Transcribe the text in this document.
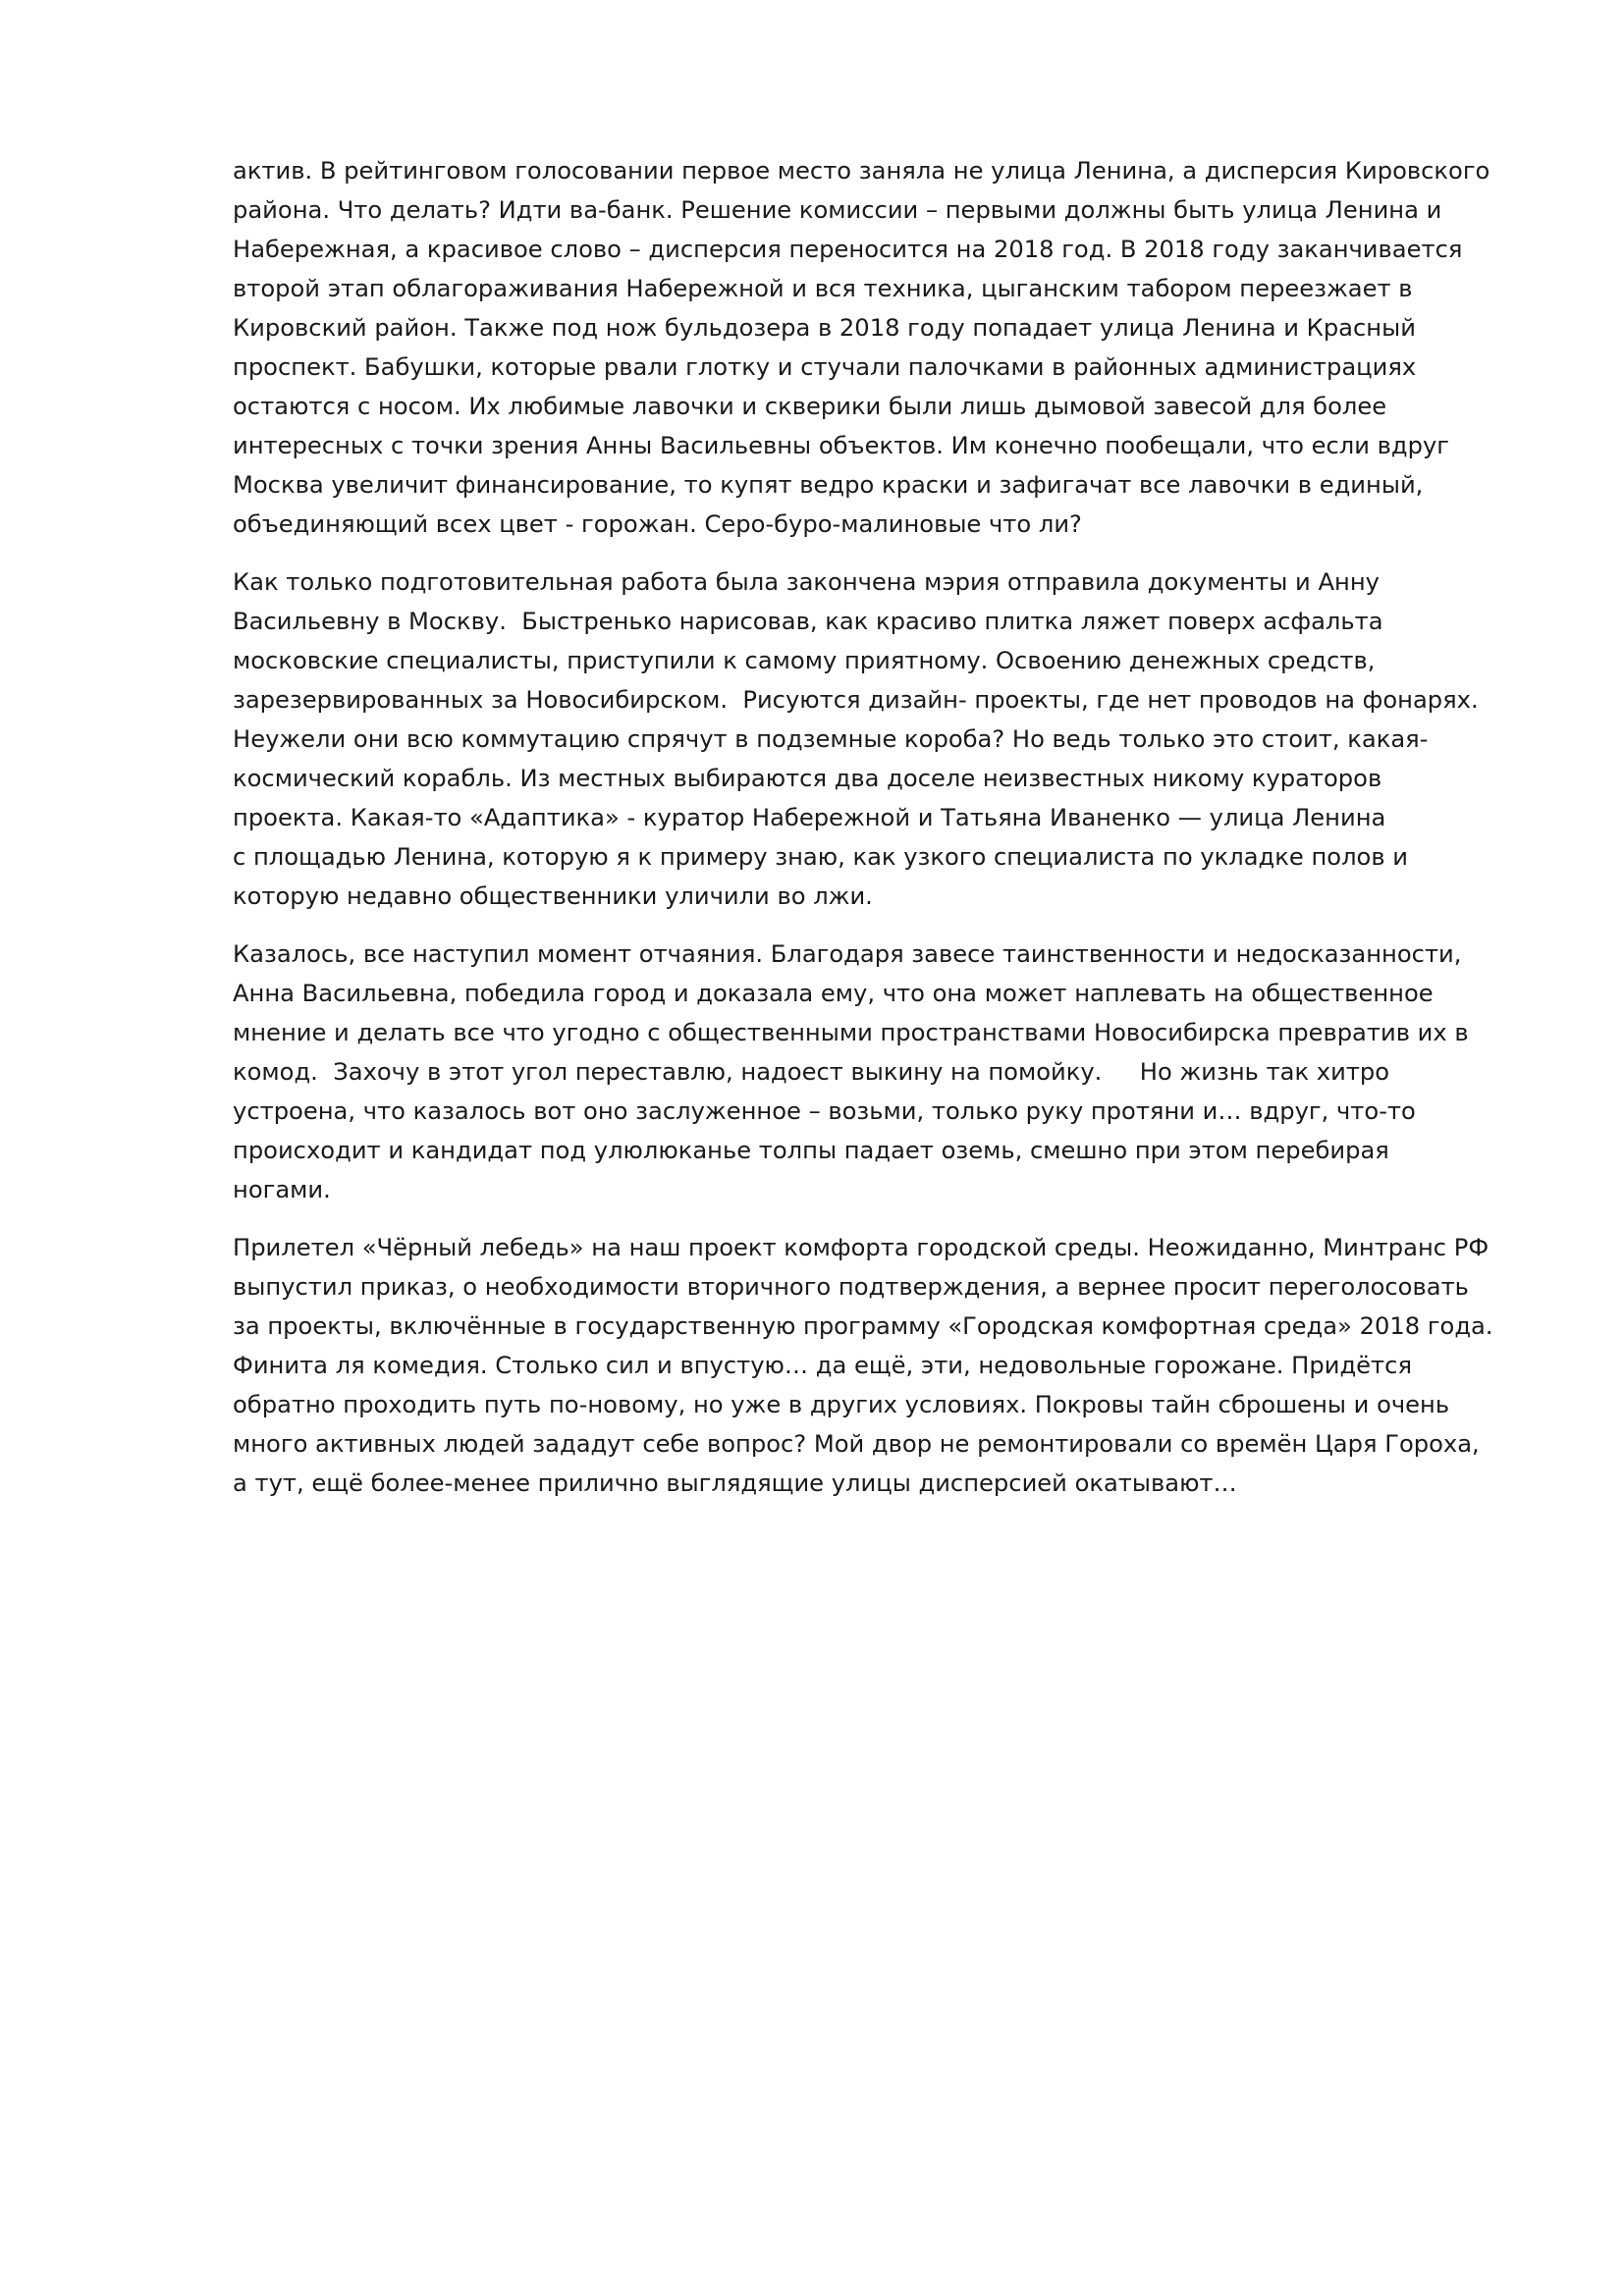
актив. В рейтинговом голосовании первое место заняла не улица Ленина, а дисперсия Кировского
района. Что делать? Идти ва-банк. Решение комиссии – первыми должны быть улица Ленина и
Набережная, а красивое слово – дисперсия переносится на 2018 год. В 2018 году заканчивается
второй этап облагораживания Набережной и вся техника, цыганским табором переезжает в
Кировский район. Также под нож бульдозера в 2018 году попадает улица Ленина и Красный
проспект. Бабушки, которые рвали глотку и стучали палочками в районных администрациях
остаются с носом. Их любимые лавочки и скверики были лишь дымовой завесой для более
интересных с точки зрения Анны Васильевны объектов. Им конечно пообещали, что если вдруг
Москва увеличит финансирование, то купят ведро краски и зафигачат все лавочки в единый,
объединяющий всех цвет - горожан. Серо-буро-малиновые что ли?
Как только подготовительная работа была закончена мэрия отправила документы и Анну
Васильевну в Москву.  Быстренько нарисовав, как красиво плитка ляжет поверх асфальта
московские специалисты, приступили к самому приятному. Освоению денежных средств,
зарезервированных за Новосибирском.  Рисуются дизайн- проекты, где нет проводов на фонарях.
Неужели они всю коммутацию спрячут в подземные короба? Но ведь только это стоит, какая-
космический корабль. Из местных выбираются два доселе неизвестных никому кураторов
проекта. Какая-то «Адаптика» - куратор Набережной и Татьяна Иваненко — улица Ленина
с площадью Ленина, которую я к примеру знаю, как узкого специалиста по укладке полов и
которую недавно общественники уличили во лжи.
Казалось, все наступил момент отчаяния. Благодаря завесе таинственности и недосказанности,
Анна Васильевна, победила город и доказала ему, что она может наплевать на общественное
мнение и делать все что угодно с общественными пространствами Новосибирска превратив их в
комод.  Захочу в этот угол переставлю, надоест выкину на помойку.     Но жизнь так хитро
устроена, что казалось вот оно заслуженное – возьми, только руку протяни и… вдруг, что-то
происходит и кандидат под улюлюканье толпы падает оземь, смешно при этом перебирая
ногами.
Прилетел «Чёрный лебедь» на наш проект комфорта городской среды. Неожиданно, Минтранс РФ
выпустил приказ, о необходимости вторичного подтверждения, а вернее просит переголосовать
за проекты, включённые в государственную программу «Городская комфортная среда» 2018 года.
Финита ля комедия. Столько сил и впустую… да ещё, эти, недовольные горожане. Придётся
обратно проходить путь по-новому, но уже в других условиях. Покровы тайн сброшены и очень
много активных людей зададут себе вопрос? Мой двор не ремонтировали со времён Царя Гороха,
а тут, ещё более-менее прилично выглядящие улицы дисперсией окатывают…
